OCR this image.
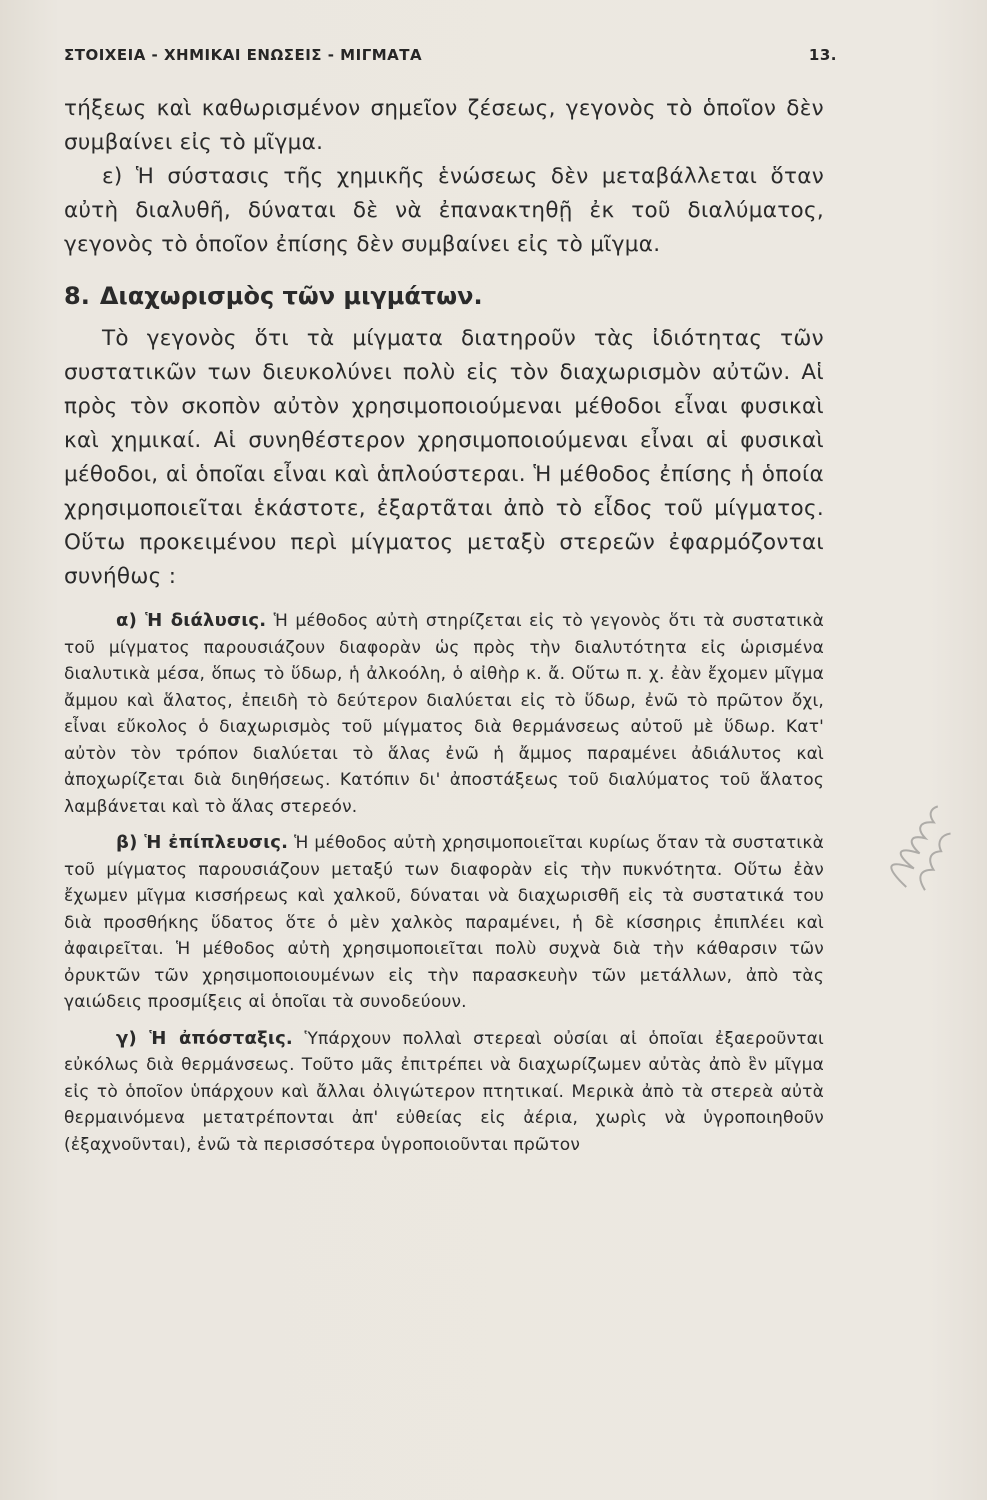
ΣΤΟΙΧΕΙΑ - ΧΗΜΙΚΑΙ ΕΝΩΣΕΙΣ - ΜΙΓΜΑΤΑ	13.

τήξεως καὶ καθωρισμένον σημεῖον ζέσεως, γεγονὸς τὸ ὁποῖον δὲν συμβαίνει εἰς τὸ μῖγμα.

ε) Ἡ σύστασις τῆς χημικῆς ἑνώσεως δὲν μεταβάλλεται ὅταν αὐτὴ διαλυθῆ, δύναται δὲ νὰ ἐπανακτηθῇ ἐκ τοῦ διαλύματος, γεγονὸς τὸ ὁποῖον ἐπίσης δὲν συμβαίνει εἰς τὸ μῖγμα.

8. Διαχωρισμὸς τῶν μιγμάτων.

Τὸ γεγονὸς ὅτι τὰ μίγματα διατηροῦν τὰς ἰδιότητας τῶν συστατικῶν των διευκολύνει πολὺ εἰς τὸν διαχωρισμὸν αὐτῶν. Αἱ πρὸς τὸν σκοπὸν αὐτὸν χρησιμοποιούμεναι μέθοδοι εἶναι φυσικαὶ καὶ χημικαί. Αἱ συνηθέστερον χρησιμοποιούμεναι εἶναι αἱ φυσικαὶ μέθοδοι, αἱ ὁποῖαι εἶναι καὶ ἁπλούστεραι. Ἡ μέθοδος ἐπίσης ἡ ὁποία χρησιμοποιεῖται ἑκάστοτε, ἐξαρτᾶται ἀπὸ τὸ εἶδος τοῦ μίγματος. Οὕτω προκειμένου περὶ μίγματος μεταξὺ στερεῶν ἐφαρμόζονται συνήθως :

α) Ἡ διάλυσις. Ἡ μέθοδος αὐτὴ στηρίζεται εἰς τὸ γεγονὸς ὅτι τὰ συστατικὰ τοῦ μίγματος παρουσιάζουν διαφορὰν ὡς πρὸς τὴν διαλυτότητα εἰς ὡρισμένα διαλυτικὰ μέσα, ὅπως τὸ ὕδωρ, ἡ ἀλκοόλη, ὁ αἰθὴρ κ. ἄ. Οὕτω π. χ. ἐὰν ἔχομεν μῖγμα ἄμμου καὶ ἅλατος, ἐπειδὴ τὸ δεύτερον διαλύεται εἰς τὸ ὕδωρ, ἐνῶ τὸ πρῶτον ὄχι, εἶναι εὔκολος ὁ διαχωρισμὸς τοῦ μίγματος διὰ θερμάνσεως αὐτοῦ μὲ ὕδωρ. Κατ' αὐτὸν τὸν τρόπον διαλύεται τὸ ἅλας ἐνῶ ἡ ἄμμος παραμένει ἀδιάλυτος καὶ ἀποχωρίζεται διὰ διηθήσεως. Κατόπιν δι' ἀποστάξεως τοῦ διαλύματος τοῦ ἅλατος λαμβάνεται καὶ τὸ ἅλας στερεόν.

β) Ἡ ἐπίπλευσις. Ἡ μέθοδος αὐτὴ χρησιμοποιεῖται κυρίως ὅταν τὰ συστατικὰ τοῦ μίγματος παρουσιάζουν μεταξύ των διαφορὰν εἰς τὴν πυκνότητα. Οὕτω ἐὰν ἔχωμεν μῖγμα κισσήρεως καὶ χαλκοῦ, δύναται νὰ διαχωρισθῆ εἰς τὰ συστατικά του διὰ προσθήκης ὕδατος ὅτε ὁ μὲν χαλκὸς παραμένει, ἡ δὲ κίσσηρις ἐπιπλέει καὶ ἀφαιρεῖται. Ἡ μέθοδος αὐτὴ χρησιμοποιεῖται πολὺ συχνὰ διὰ τὴν κάθαρσιν τῶν ὀρυκτῶν τῶν χρησιμοποιουμένων εἰς τὴν παρασκευὴν τῶν μετάλλων, ἀπὸ τὰς γαιώδεις προσμίξεις αἱ ὁποῖαι τὰ συνοδεύουν.

γ) Ἡ ἀπόσταξις. Ὑπάρχουν πολλαὶ στερεαὶ οὐσίαι αἱ ὁποῖαι ἐξαεροῦνται εὐκόλως διὰ θερμάνσεως. Τοῦτο μᾶς ἐπιτρέπει νὰ διαχωρίζωμεν αὐτὰς ἀπὸ ἓν μῖγμα εἰς τὸ ὁποῖον ὑπάρχουν καὶ ἄλλαι ὀλιγώτερον πτητικαί. Μερικὰ ἀπὸ τὰ στερεὰ αὐτὰ θερμαινόμενα μετατρέπονται ἀπ' εὐθείας εἰς ἀέρια, χωρὶς νὰ ὑγροποιηθοῦν (ἐξαχνοῦνται), ἐνῶ τὰ περισσότερα ὑγροποιοῦνται πρῶτον
